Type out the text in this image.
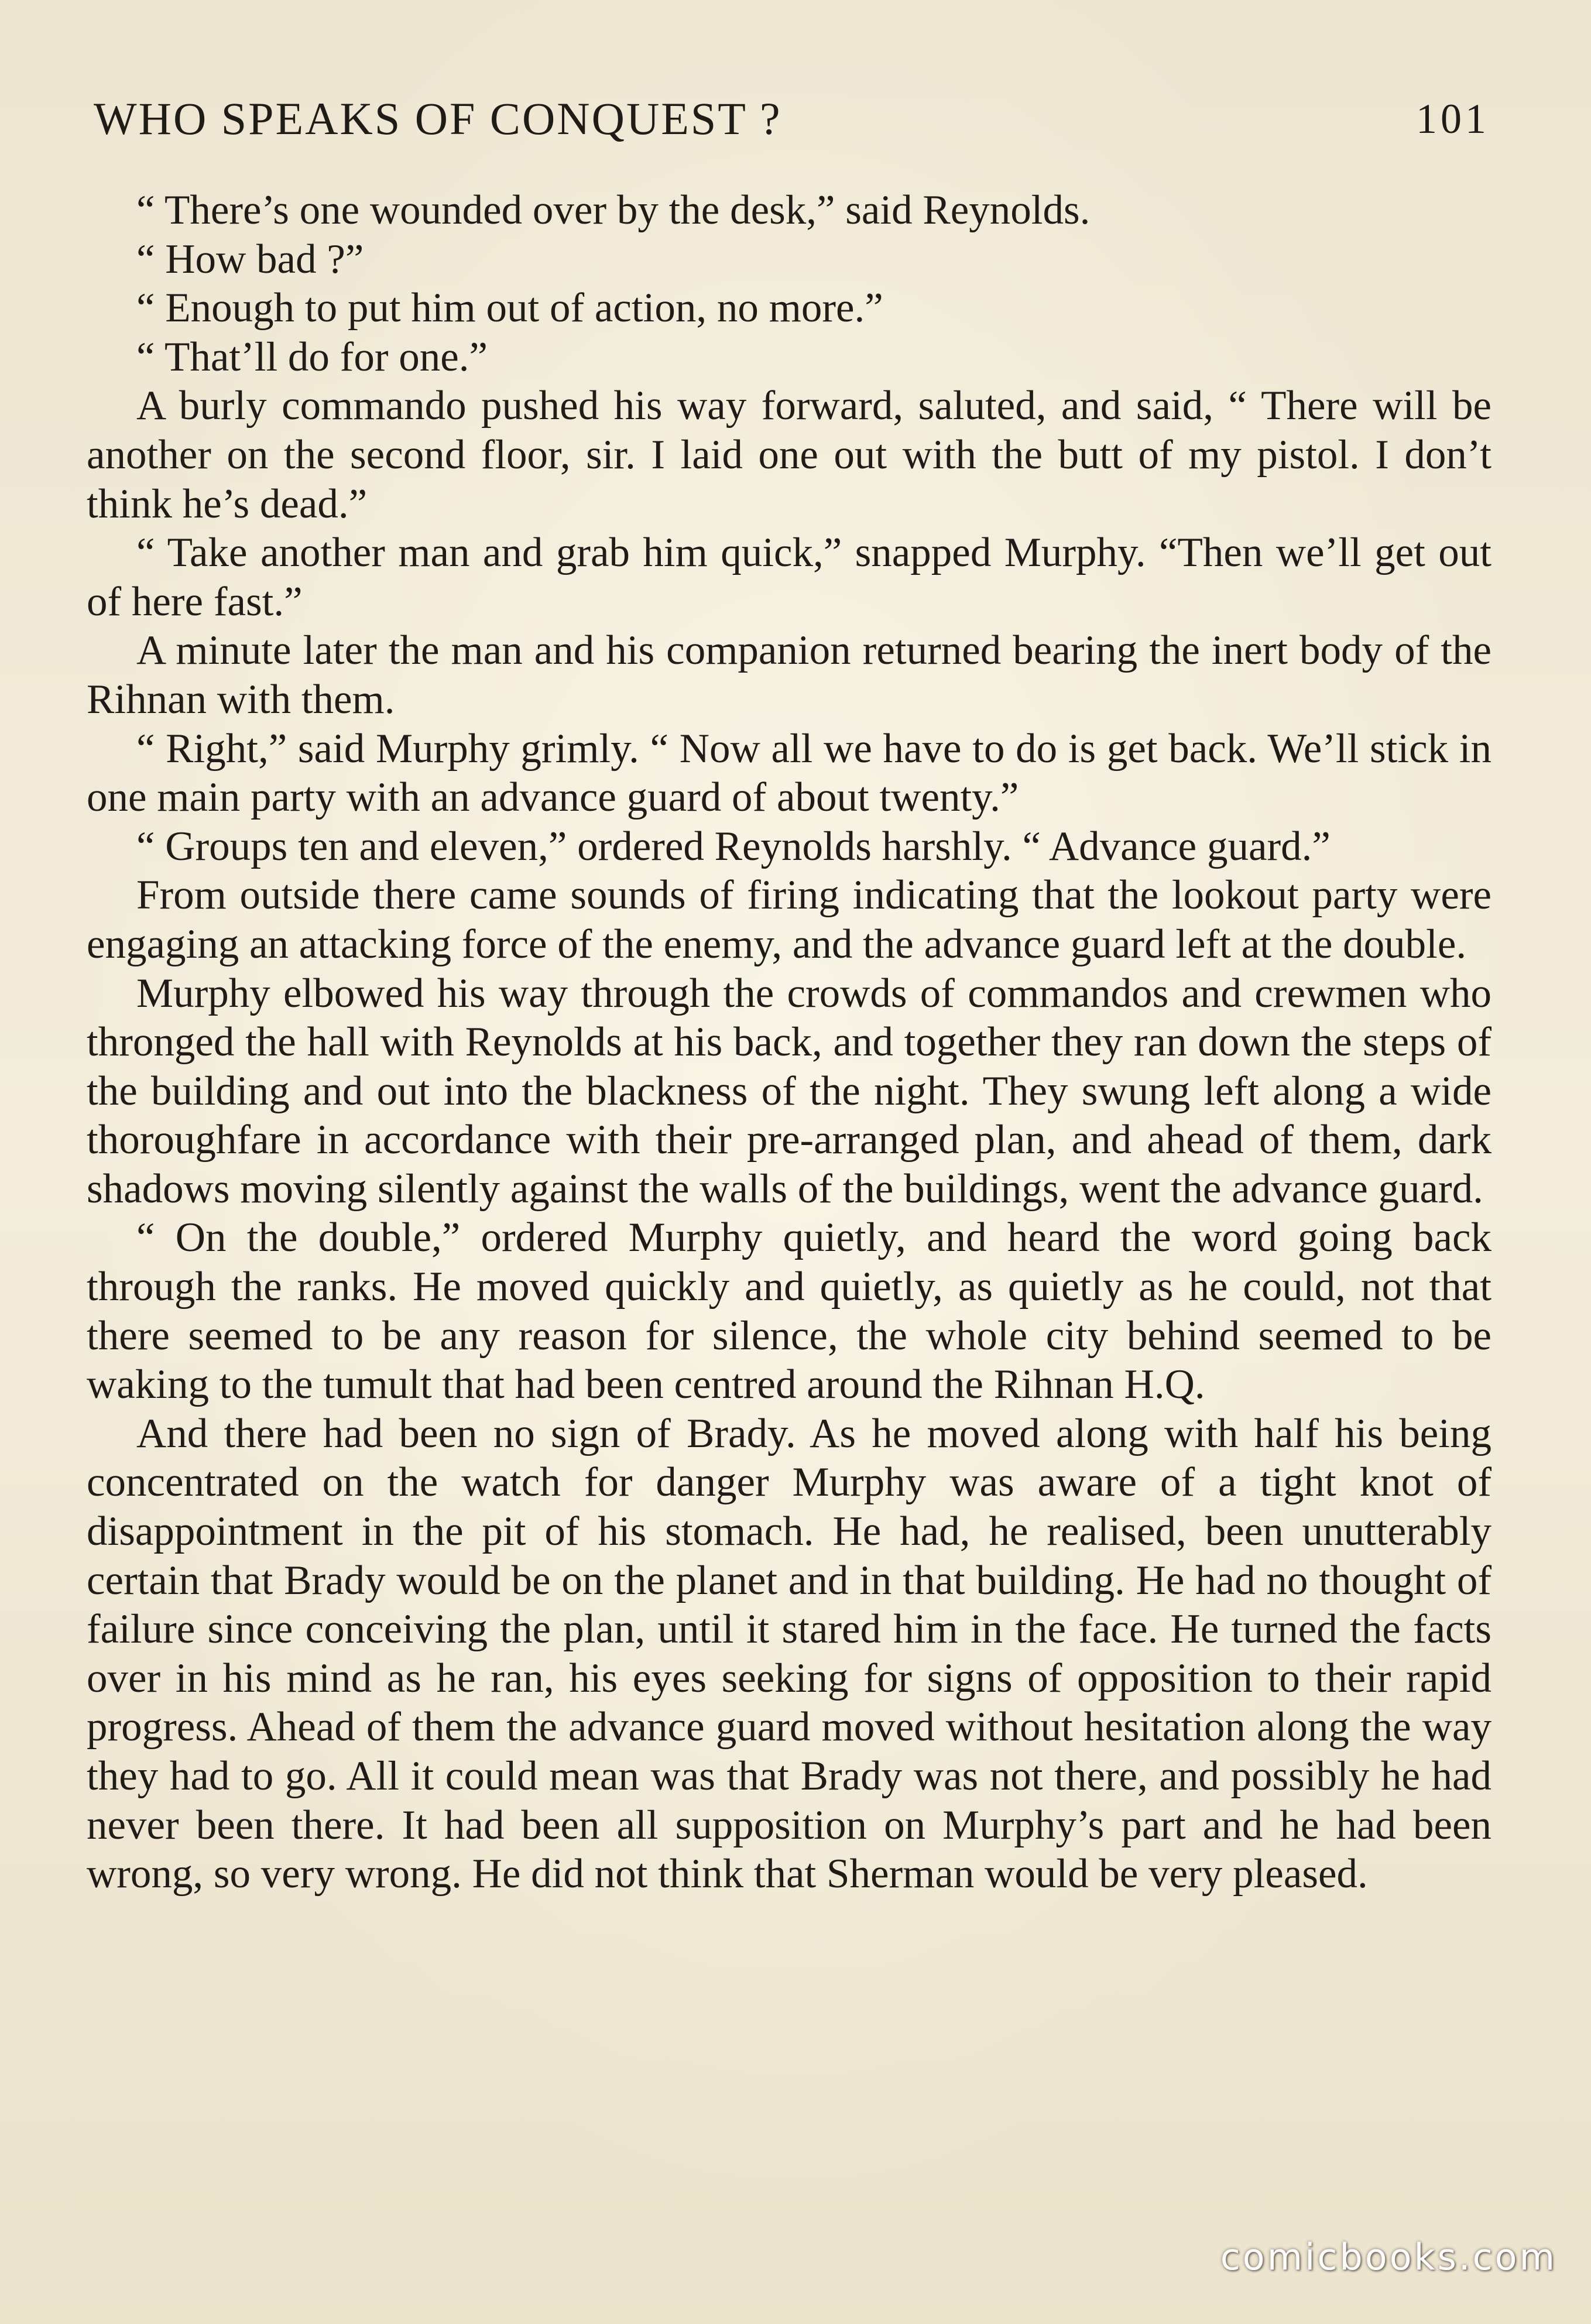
WHO SPEAKS OF CONQUEST ?	101

“ There’s one wounded over by the desk,” said Reynolds.

“ How bad ?”

“ Enough to put him out of action, no more.”

“ That’ll do for one.”

A burly commando pushed his way forward, saluted, and said, “ There will be another on the second floor, sir. I laid one out with the butt of my pistol. I don’t think he’s dead.”

“ Take another man and grab him quick,” snapped Murphy. “Then we’ll get out of here fast.”

A minute later the man and his companion returned bearing the inert body of the Rihnan with them.

“ Right,” said Murphy grimly. “ Now all we have to do is get back. We’ll stick in one main party with an advance guard of about twenty.”

“ Groups ten and eleven,” ordered Reynolds harshly. “ Advance guard.”

From outside there came sounds of firing indicating that the lookout party were engaging an attacking force of the enemy, and the advance guard left at the double.

Murphy elbowed his way through the crowds of commandos and crewmen who thronged the hall with Reynolds at his back, and together they ran down the steps of the building and out into the blackness of the night. They swung left along a wide thoroughfare in accordance with their pre-arranged plan, and ahead of them, dark shadows moving silently against the walls of the buildings, went the advance guard.

“ On the double,” ordered Murphy quietly, and heard the word going back through the ranks. He moved quickly and quietly, as quietly as he could, not that there seemed to be any reason for silence, the whole city behind seemed to be waking to the tumult that had been centred around the Rihnan H.Q.

And there had been no sign of Brady. As he moved along with half his being concentrated on the watch for danger Murphy was aware of a tight knot of disappointment in the pit of his stomach. He had, he realised, been unutterably certain that Brady would be on the planet and in that building. He had no thought of failure since conceiving the plan, until it stared him in the face. He turned the facts over in his mind as he ran, his eyes seeking for signs of opposition to their rapid progress. Ahead of them the advance guard moved without hesitation along the way they had to go. All it could mean was that Brady was not there, and possibly he had never been there. It had been all supposition on Murphy’s part and he had been wrong, so very wrong. He did not think that Sherman would be very pleased.

comicbooks.com
